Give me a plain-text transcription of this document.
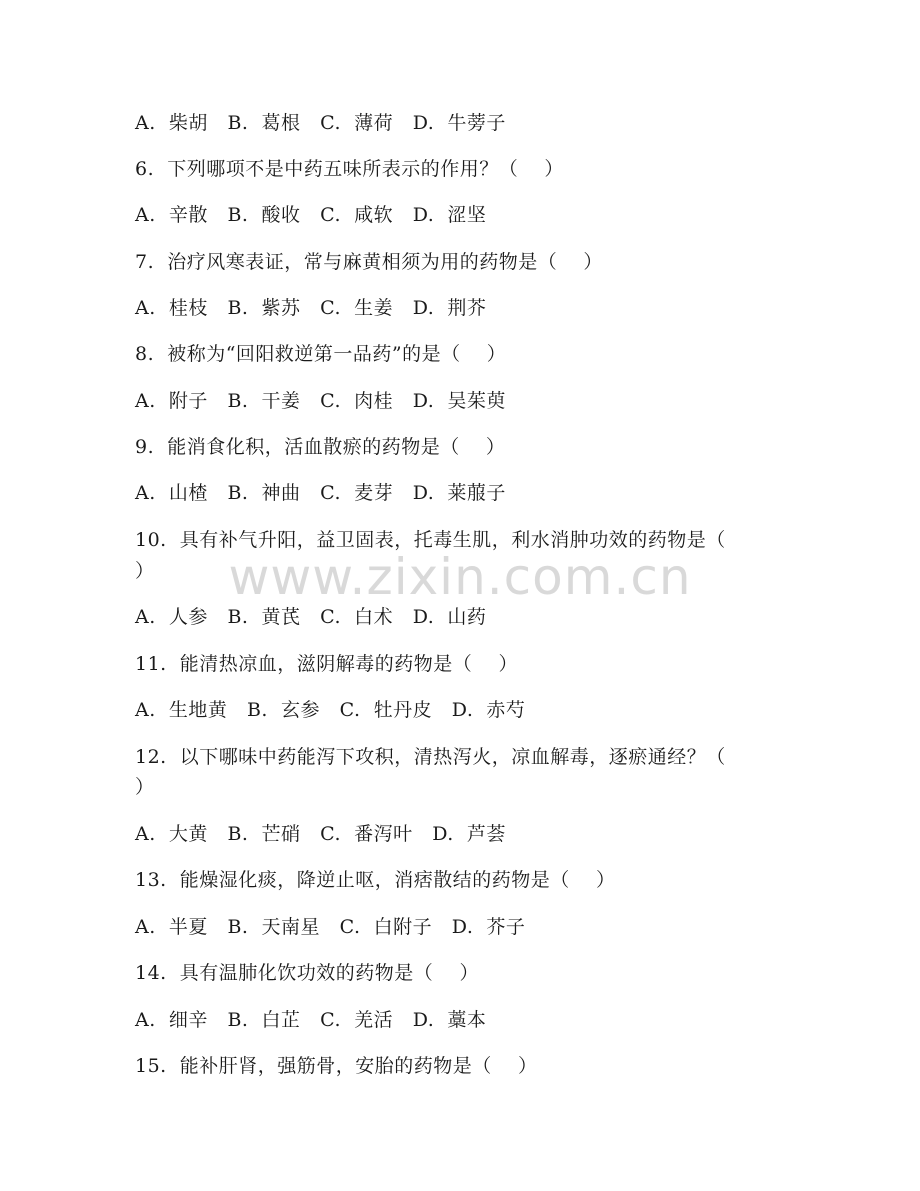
A.  柴胡   B.  葛根   C.  薄荷   D.  牛蒡子
6.  下列哪项不是中药五味所表示的作用？（    ）
A.  辛散   B.  酸收   C.  咸软   D.  涩坚
7.  治疗风寒表证，常与麻黄相须为用的药物是（    ）
A.  桂枝   B.  紫苏   C.  生姜   D.  荆芥
8.  被称为“回阳救逆第一品药”的是（    ）
A.  附子   B.  干姜   C.  肉桂   D.  吴茱萸
9.  能消食化积，活血散瘀的药物是（    ）
A.  山楂   B.  神曲   C.  麦芽   D.  莱菔子
10.  具有补气升阳，益卫固表，托毒生肌，利水消肿功效的药物是（
）
A.  人参   B.  黄芪   C.  白术   D.  山药
11.  能清热凉血，滋阴解毒的药物是（    ）
A.  生地黄   B.  玄参   C.  牡丹皮   D.  赤芍
12.  以下哪味中药能泻下攻积，清热泻火，凉血解毒，逐瘀通经？（
）
A.  大黄   B.  芒硝   C.  番泻叶   D.  芦荟
13.  能燥湿化痰，降逆止呕，消痞散结的药物是（    ）
A.  半夏   B.  天南星   C.  白附子   D.  芥子
14.  具有温肺化饮功效的药物是（    ）
A.  细辛   B.  白芷   C.  羌活   D.  藁本
15.  能补肝肾，强筋骨，安胎的药物是（    ）
www.zixin.com.cn
